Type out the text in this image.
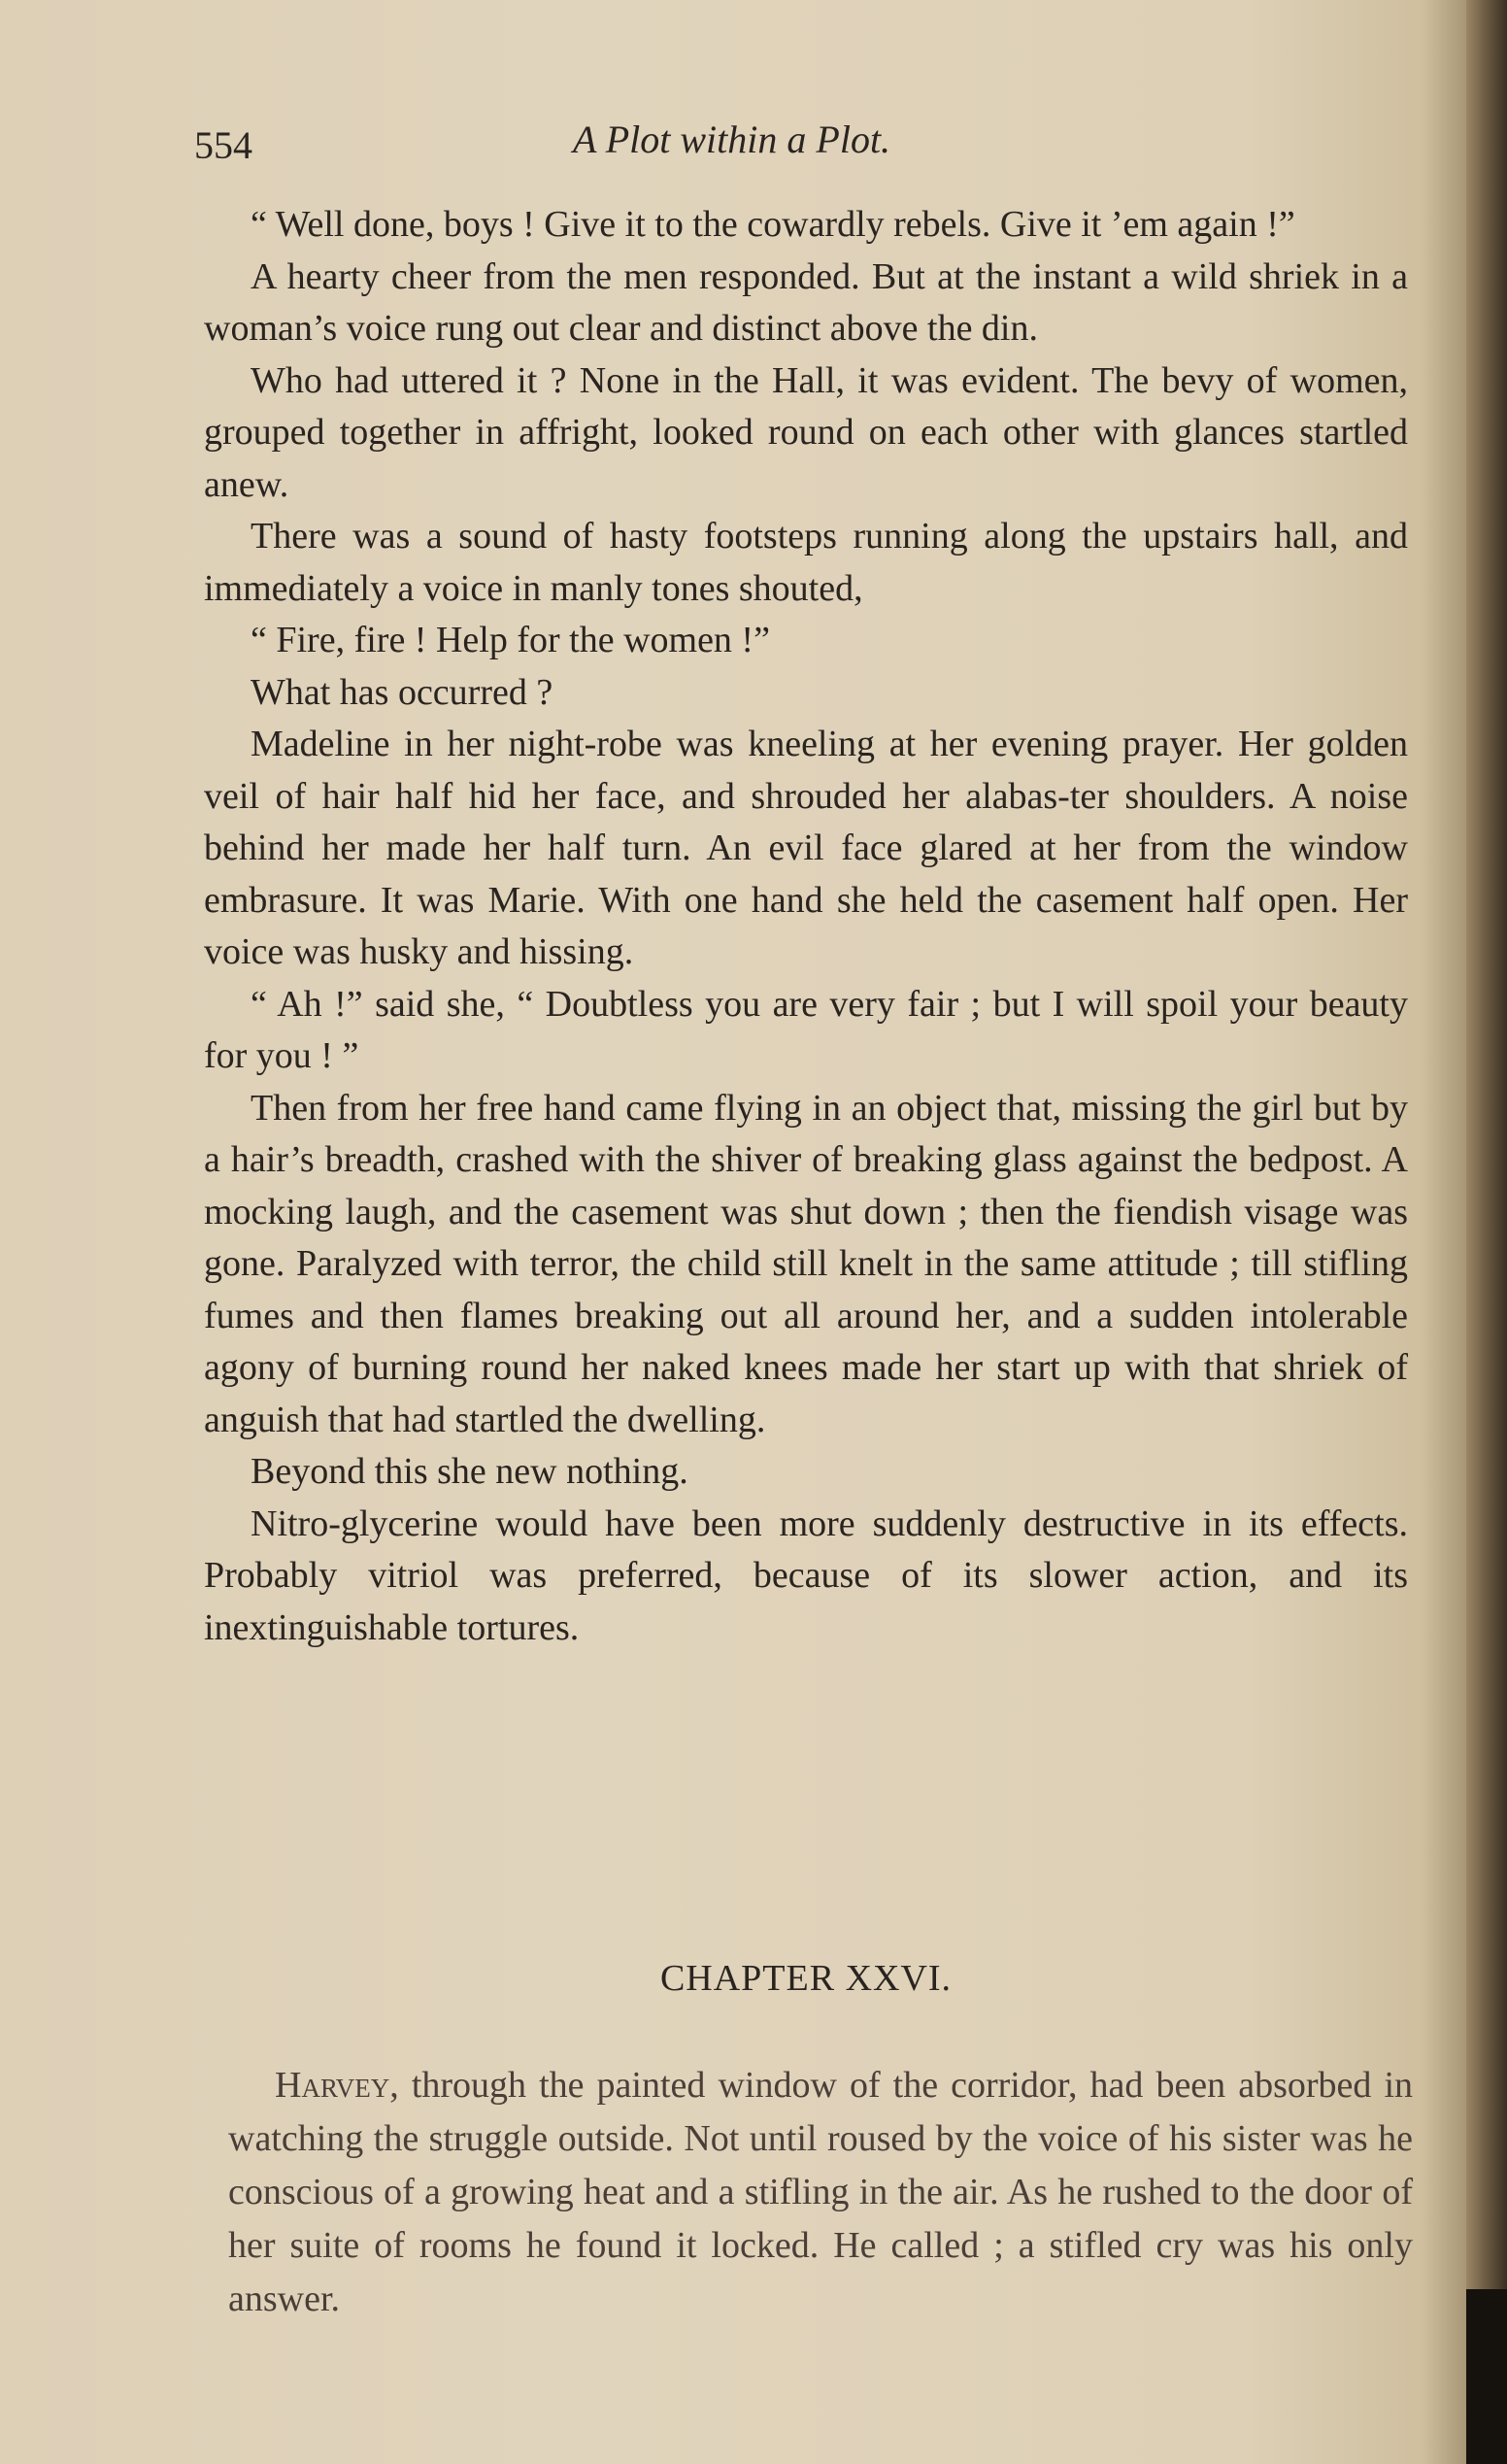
554	A Plot within a Plot.

“ Well done, boys ! Give it to the cowardly rebels. Give it ’em again !”

A hearty cheer from the men responded. But at the instant a wild shriek in a woman’s voice rung out clear and distinct above the din.

Who had uttered it ? None in the Hall, it was evident. The bevy of women, grouped together in affright, looked round on each other with glances startled anew.

There was a sound of hasty footsteps running along the upstairs hall, and immediately a voice in manly tones shouted,

“ Fire, fire ! Help for the women !”

What has occurred ?

Madeline in her night-robe was kneeling at her evening prayer. Her golden veil of hair half hid her face, and shrouded her alabas-ter shoulders. A noise behind her made her half turn. An evil face glared at her from the window embrasure. It was Marie. With one hand she held the casement half open. Her voice was husky and hissing.

“ Ah !” said she, “ Doubtless you are very fair ; but I will spoil your beauty for you ! ”

Then from her free hand came flying in an object that, missing the girl but by a hair’s breadth, crashed with the shiver of breaking glass against the bedpost. A mocking laugh, and the casement was shut down ; then the fiendish visage was gone. Paralyzed with terror, the child still knelt in the same attitude ; till stifling fumes and then flames breaking out all around her, and a sudden intolerable agony of burning round her naked knees made her start up with that shriek of anguish that had startled the dwelling.

Beyond this she new nothing.

Nitro-glycerine would have been more suddenly destructive in its effects. Probably vitriol was preferred, because of its slower action, and its inextinguishable tortures.

CHAPTER XXVI.

Harvey, through the painted window of the corridor, had been absorbed in watching the struggle outside. Not until roused by the voice of his sister was he conscious of a growing heat and a stifling in the air. As he rushed to the door of her suite of rooms he found it locked. He called ; a stifled cry was his only answer.
